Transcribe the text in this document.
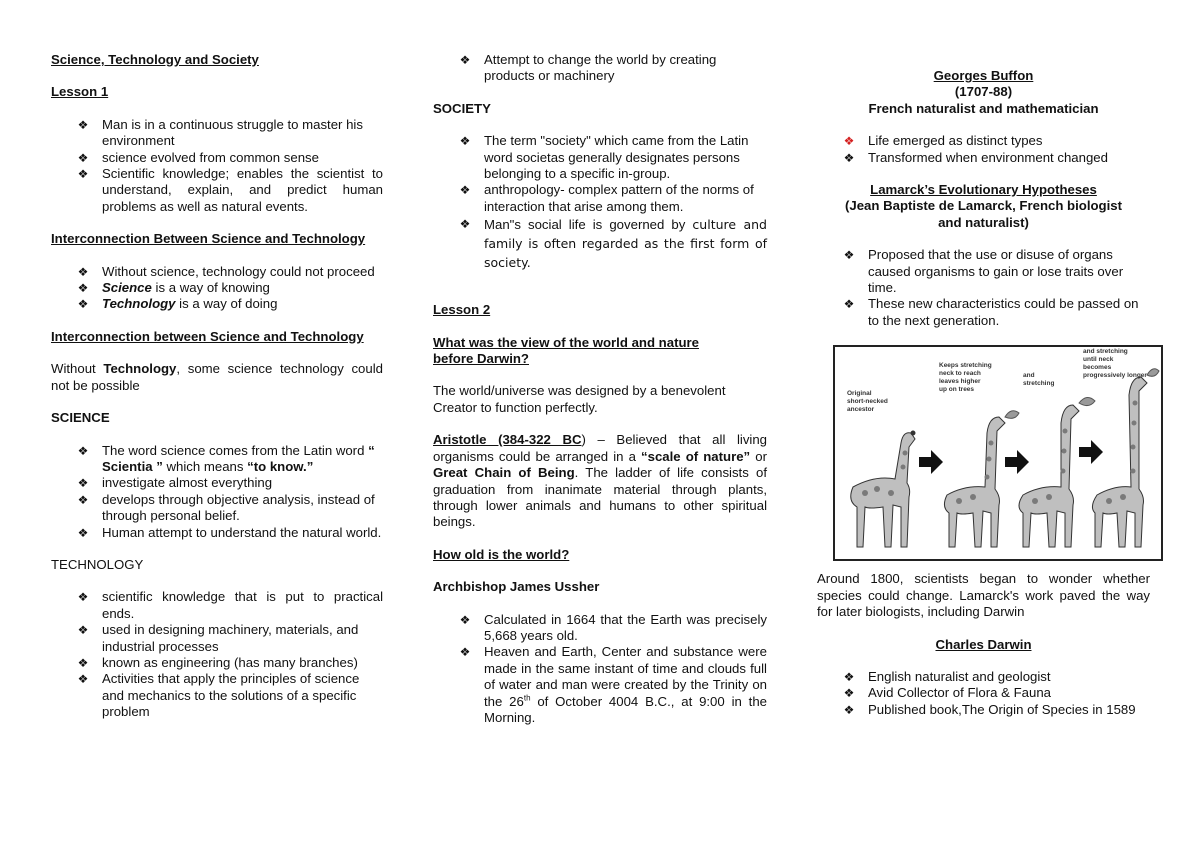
Science, Technology and Society

Lesson 1

❖ Man is in a continuous struggle to master his environment
❖ science evolved from common sense
❖ Scientific knowledge; enables the scientist to understand, explain, and predict human problems as well as natural events.

Interconnection Between Science and Technology

❖ Without science, technology could not proceed
❖ Science is a way of knowing
❖ Technology is a way of doing

Interconnection between Science and Technology

Without Technology, some science technology could not be possible

SCIENCE

❖ The word science comes from the Latin word “ Scientia ” which means “to know.”
❖ investigate almost everything
❖ develops through objective analysis, instead of through personal belief.
❖ Human attempt to understand the natural world.

TECHNOLOGY

❖ scientific knowledge that is put to practical ends.
❖ used in designing machinery, materials, and industrial processes
❖ known as engineering (has many branches)
❖ Activities that apply the principles of science and mechanics to the solutions of a specific problem
❖ Attempt to change the world by creating products or machinery

SOCIETY

❖ The term "society" which came from the Latin word societas generally designates persons belonging to a specific in-group.
❖ anthropology- complex pattern of the norms of interaction that arise among them.
❖ Man"s social life is governed by culture and family is often regarded as the first form of society.

Lesson 2

What was the view of the world and nature before Darwin?

The world/universe was designed by a benevolent Creator to function perfectly.

Aristotle (384-322 BC) – Believed that all living organisms could be arranged in a “scale of nature” or Great Chain of Being. The ladder of life consists of graduation from inanimate material through plants, through lower animals and humans to other spiritual beings.

How old is the world?

Archbishop James Ussher

❖ Calculated in 1664 that the Earth was precisely 5,668 years old.
❖ Heaven and Earth, Center and substance were made in the same instant of time and clouds full of water and man were created by the Trinity on the 26th of October 4004 B.C., at 9:00 in the Morning.

Georges Buffon

(1707-88)

French naturalist and mathematician

❖ Life emerged as distinct types
❖ Transformed when environment changed

Lamarck’s Evolutionary Hypotheses

(Jean Baptiste de Lamarck, French biologist and naturalist)

❖ Proposed that the use or disuse of organs caused organisms to gain or lose traits over time.
❖ These new characteristics could be passed on to the next generation.
Original
short-necked
ancestor
Keeps stretching
neck to reach
leaves higher
up on trees
and
stretching
and stretching
until neck
becomes
progressively longer

Around 1800, scientists began to wonder whether species could change. Lamarck's work paved the way for later biologists, including Darwin

Charles Darwin

❖ English naturalist and geologist
❖ Avid Collector of Flora & Fauna
❖ Published book,The Origin of Species in 1589
